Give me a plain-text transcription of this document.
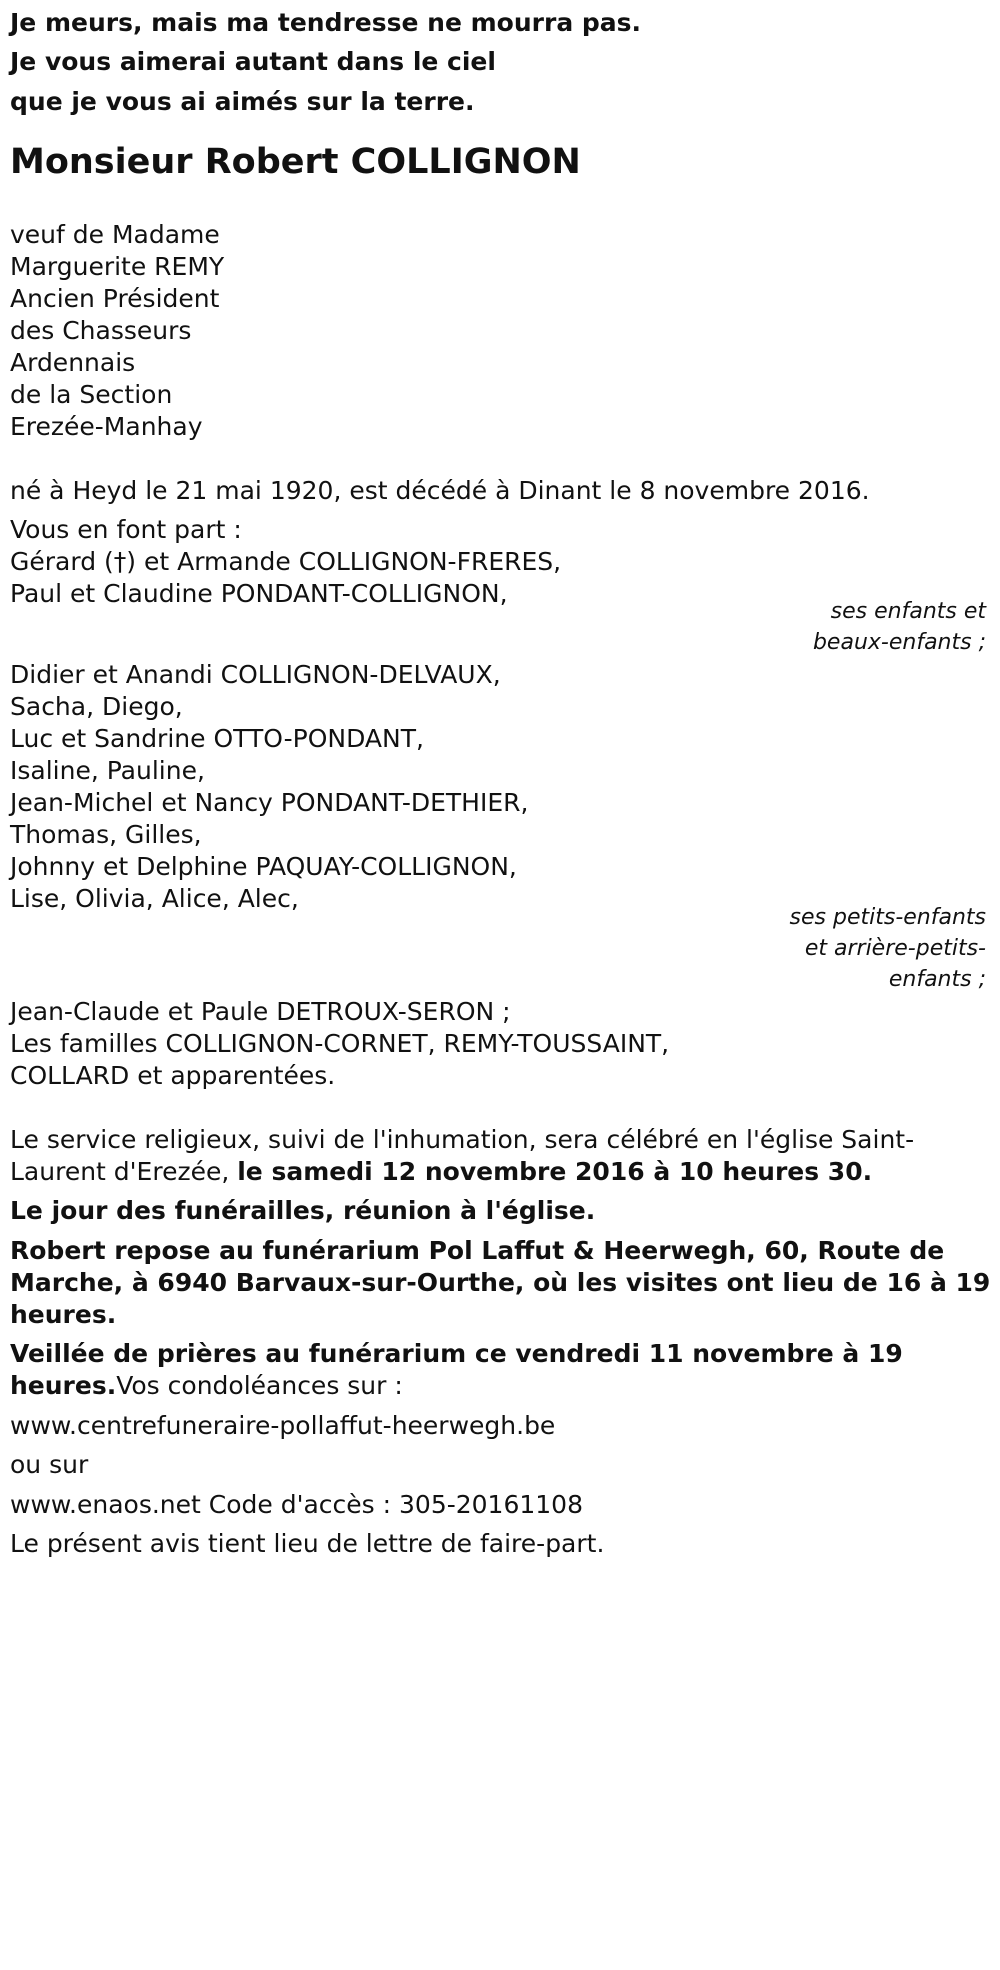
Je meurs, mais ma tendresse ne mourra pas.

Je vous aimerai autant dans le ciel

que je vous ai aimés sur la terre.

Monsieur Robert COLLIGNON

veuf de Madame

Marguerite REMY

Ancien Président

des Chasseurs

Ardennais

de la Section

Erezée-Manhay

né à Heyd le 21 mai 1920, est décédé à Dinant le 8 novembre 2016.

Vous en font part :

Gérard (†) et Armande COLLIGNON-FRERES,

Paul et Claudine PONDANT-COLLIGNON,

ses enfants et

beaux-enfants ;

Didier et Anandi COLLIGNON-DELVAUX,

Sacha, Diego,

Luc et Sandrine OTTO-PONDANT,

Isaline, Pauline,

Jean-Michel et Nancy PONDANT-DETHIER,

Thomas, Gilles,

Johnny et Delphine PAQUAY-COLLIGNON,

Lise, Olivia, Alice, Alec,

ses petits-enfants

et arrière-petits-

enfants ;

Jean-Claude et Paule DETROUX-SERON ;

Les familles COLLIGNON-CORNET, REMY-TOUSSAINT,

COLLARD et apparentées.

Le service religieux, suivi de l'inhumation, sera célébré en l'église Saint-

Laurent d'Erezée, le samedi 12 novembre 2016 à 10 heures 30.

Le jour des funérailles, réunion à l'église.

Robert repose au funérarium Pol Laffut & Heerwegh, 60, Route de

Marche, à 6940 Barvaux-sur-Ourthe, où les visites ont lieu de 16 à 19

heures.

Veillée de prières au funérarium ce vendredi 11 novembre à 19

heures.Vos condoléances sur :

www.centrefuneraire-pollaffut-heerwegh.be

ou sur

www.enaos.net Code d'accès : 305-20161108

Le présent avis tient lieu de lettre de faire-part.
